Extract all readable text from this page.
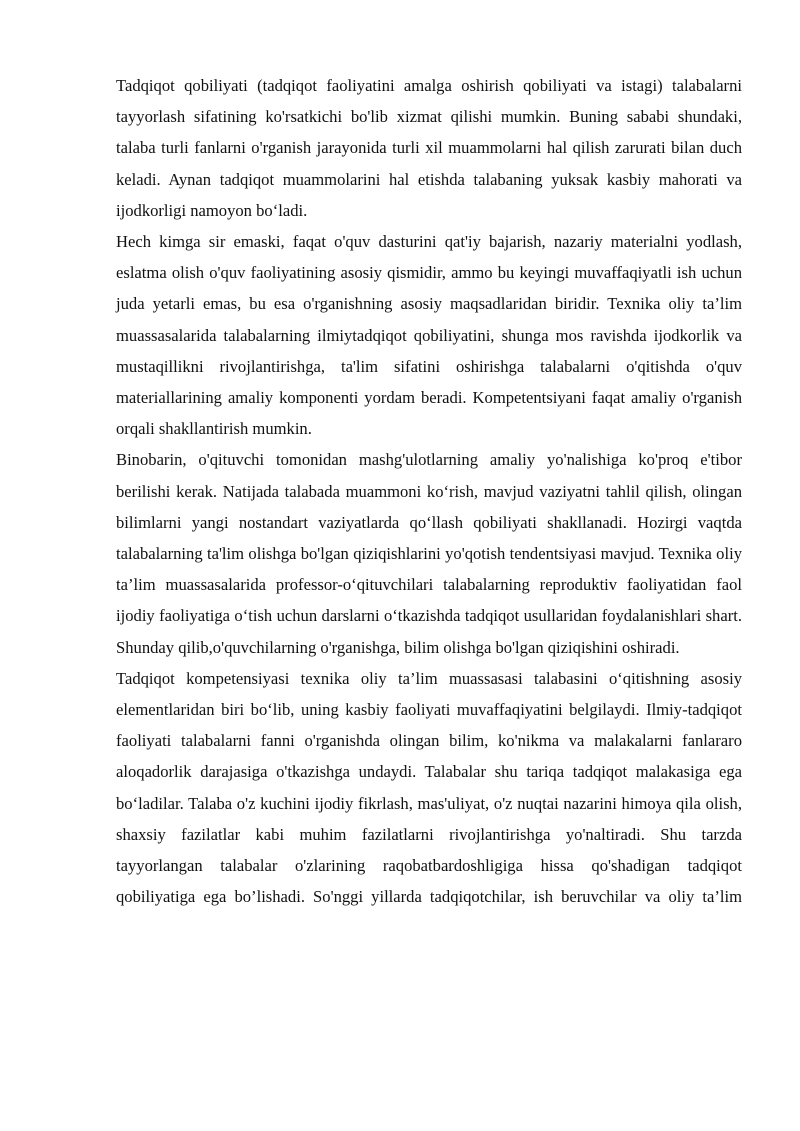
Tadqiqot qobiliyati (tadqiqot faoliyatini amalga oshirish qobiliyati va istagi) talabalarni tayyorlash sifatining ko'rsatkichi bo'lib xizmat qilishi mumkin. Buning sababi shundaki, talaba turli fanlarni o'rganish jarayonida turli xil muammolarni hal qilish zarurati bilan duch keladi. Aynan tadqiqot muammolarini hal etishda talabaning yuksak kasbiy mahorati va ijodkorligi namoyon bo‘ladi.

Hech kimga sir emaski, faqat o'quv dasturini qat'iy bajarish, nazariy materialni yodlash, eslatma olish o'quv faoliyatining asosiy qismidir, ammo bu keyingi muvaffaqiyatli ish uchun juda yetarli emas, bu esa o'rganishning asosiy maqsadlaridan biridir. Texnika oliy ta’lim muassasalarida talabalarning ilmiytadqiqot qobiliyatini, shunga mos ravishda ijodkorlik va mustaqillikni rivojlantirishga, ta'lim sifatini oshirishga talabalarni o'qitishda o'quv materiallarining amaliy komponenti yordam beradi. Kompetentsiyani faqat amaliy o'rganish orqali shakllantirish mumkin.

Binobarin, o'qituvchi tomonidan mashg'ulotlarning amaliy yo'nalishiga ko'proq e'tibor berilishi kerak. Natijada talabada muammoni ko‘rish, mavjud vaziyatni tahlil qilish, olingan bilimlarni yangi nostandart vaziyatlarda qo‘llash qobiliyati shakllanadi. Hozirgi vaqtda talabalarning ta'lim olishga bo'lgan qiziqishlarini yo'qotish tendentsiyasi mavjud. Texnika oliy ta’lim muassasalarida professor-o‘qituvchilari talabalarning reproduktiv faoliyatidan faol ijodiy faoliyatiga o‘tish uchun darslarni o‘tkazishda tadqiqot usullaridan foydalanishlari shart. Shunday qilib,o'quvchilarning o'rganishga, bilim olishga bo'lgan qiziqishini oshiradi.

Tadqiqot kompetensiyasi texnika oliy ta’lim muassasasi talabasini o‘qitishning asosiy elementlaridan biri bo‘lib, uning kasbiy faoliyati muvaffaqiyatini belgilaydi. Ilmiy-tadqiqot faoliyati talabalarni fanni o'rganishda olingan bilim, ko'nikma va malakalarni fanlararo aloqadorlik darajasiga o'tkazishga undaydi. Talabalar shu tariqa tadqiqot malakasiga ega bo‘ladilar. Talaba o'z kuchini ijodiy fikrlash, mas'uliyat, o'z nuqtai nazarini himoya qila olish, shaxsiy fazilatlar kabi muhim fazilatlarni rivojlantirishga yo'naltiradi. Shu tarzda tayyorlangan talabalar o'zlarining raqobatbardoshligiga hissa qo'shadigan tadqiqot qobiliyatiga ega bo’lishadi. So'nggi yillarda tadqiqotchilar, ish beruvchilar va oliy ta’lim
